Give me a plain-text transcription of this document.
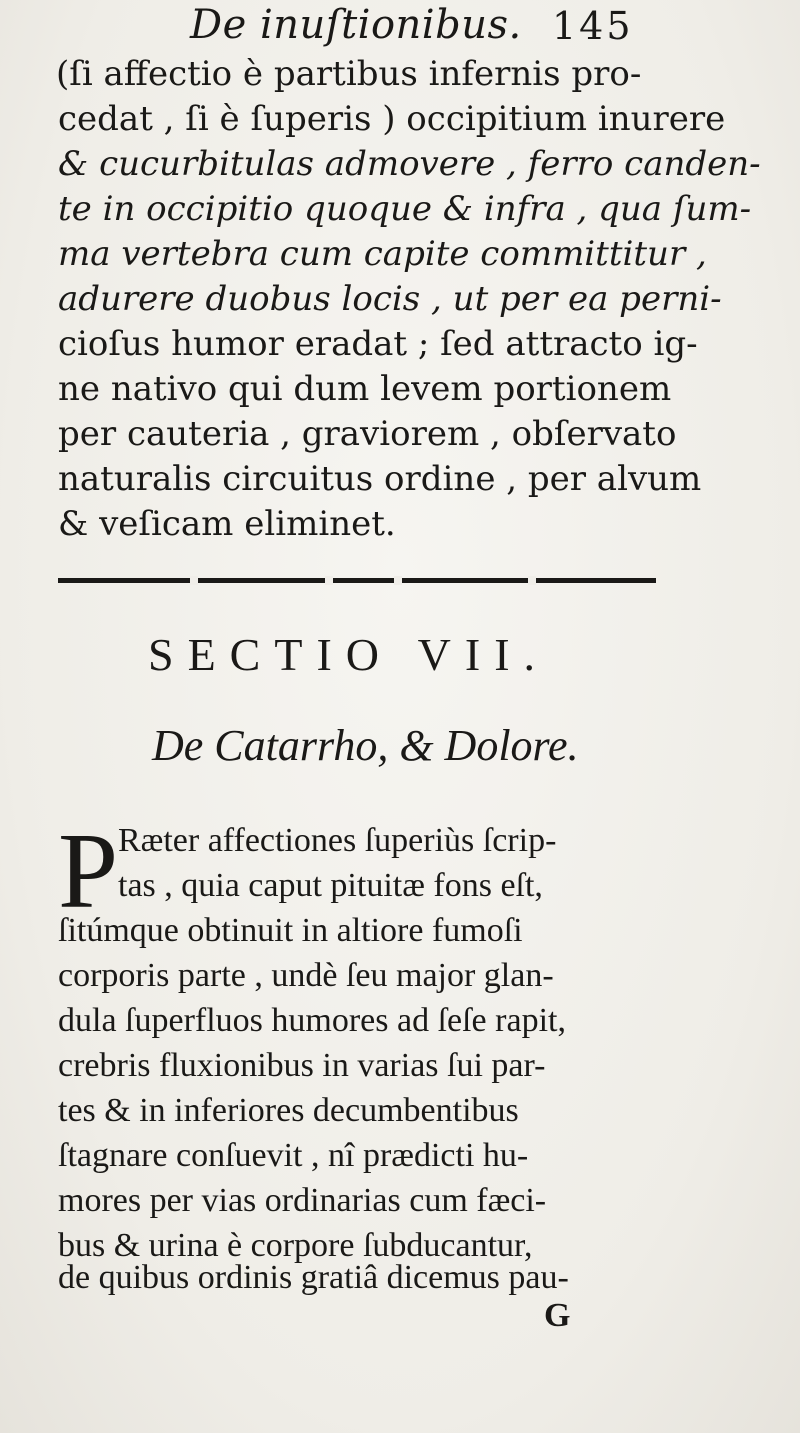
De inuſtionibus. 145
(ſi affectio è partibus infernis pro-
cedat , ſi è ſuperis ) occipitium inurere
& cucurbitulas admovere , ferro canden-
te in occipitio quoque & infra , qua ſum-
ma vertebra cum capite committitur ,
adurere duobus locis , ut per ea perni-
cioſus humor eradat ; ſed attracto ig-
ne nativo qui dum levem portionem
per cauteria , graviorem , obſervato
naturalis circuitus ordine , per alvum
& veſicam eliminet.
SECTIO VII.
De Catarrho, & Dolore.
P Ræter affectiones ſuperiùs ſcrip-
tas , quia caput pituitæ fons eſt,
ſitúmque obtinuit in altiore fumoſi
corporis parte , undè ſeu major glan-
dula ſuperfluos humores ad ſeſe rapit,
crebris fluxionibus in varias ſui par-
tes & in inferiores decumbentibus
ſtagnare conſuevit , nî prædicti hu-
mores per vias ordinarias cum fæci-
bus & urina è corpore ſubducantur,
de quibus ordinis gratiâ dicemus pau-
G
